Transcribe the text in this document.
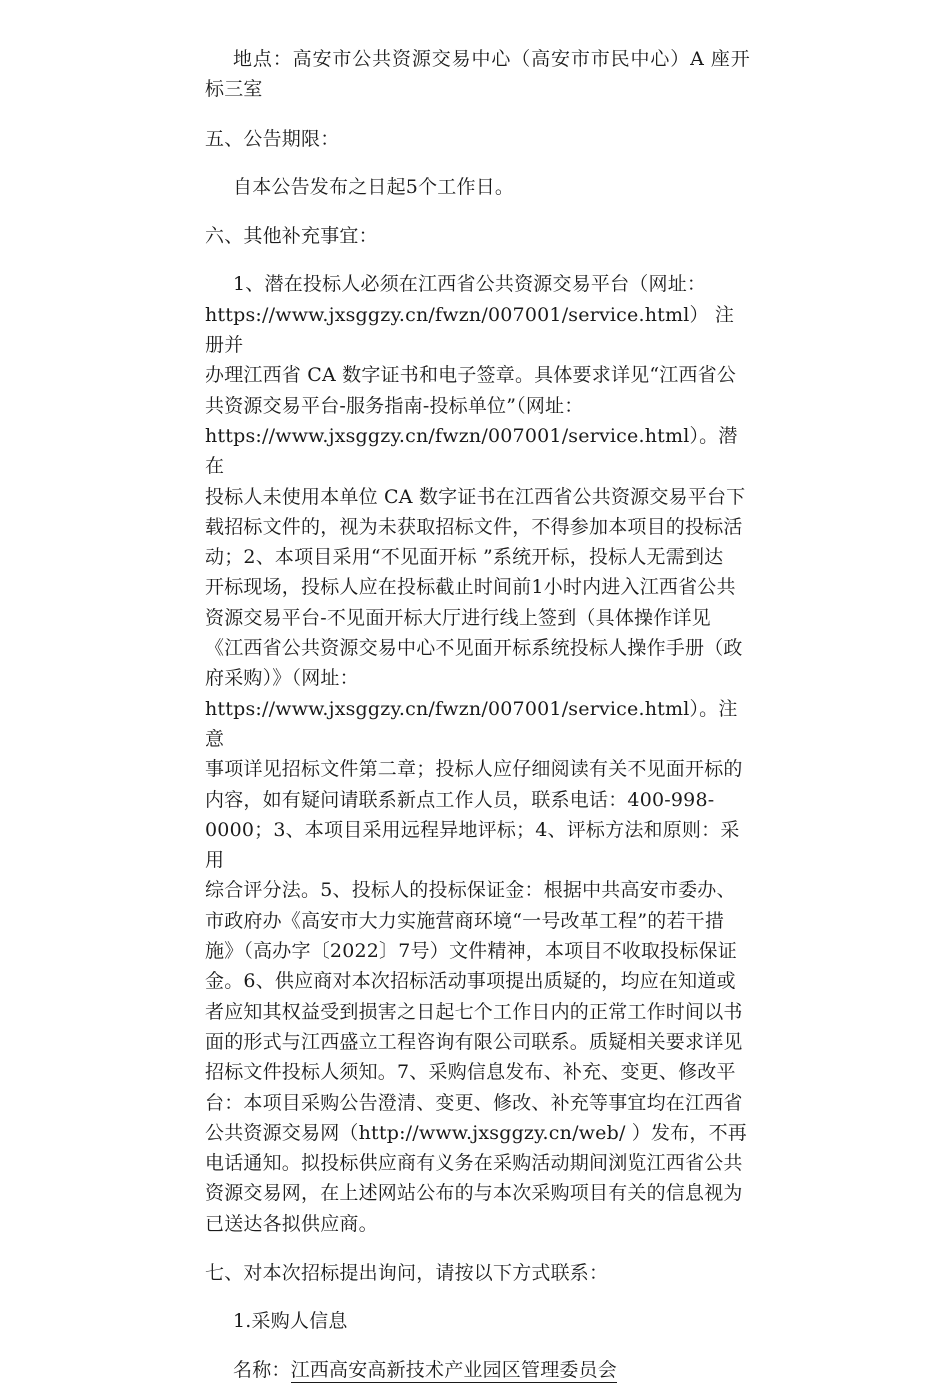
地点：高安市公共资源交易中心（高安市市民中心）A 座开标三室

五、公告期限：

自本公告发布之日起5个工作日。

六、其他补充事宜：

1、潜在投标人必须在江西省公共资源交易平台（网址：

https://www.jxsggzy.cn/fwzn/007001/service.html） 注册并

办理江西省 CA 数字证书和电子签章。具体要求详见“江西省公

共资源交易平台-服务指南-投标单位”（网址：

https://www.jxsggzy.cn/fwzn/007001/service.html）。潜在

投标人未使用本单位 CA 数字证书在江西省公共资源交易平台下

载招标文件的，视为未获取招标文件，不得参加本项目的投标活

动；2、本项目采用“不见面开标 ”系统开标，投标人无需到达

开标现场，投标人应在投标截止时间前1小时内进入江西省公共

资源交易平台-不见面开标大厅进行线上签到（具体操作详见

《江西省公共资源交易中心不见面开标系统投标人操作手册（政

府采购）》（网址：

https://www.jxsggzy.cn/fwzn/007001/service.html）。注意

事项详见招标文件第二章；投标人应仔细阅读有关不见面开标的

内容，如有疑问请联系新点工作人员，联系电话：400-998-

0000；3、本项目采用远程异地评标；4、评标方法和原则：采用

综合评分法。5、投标人的投标保证金：根据中共高安市委办、

市政府办《高安市大力实施营商环境“一号改革工程”的若干措

施》（高办字〔2022〕7号）文件精神，本项目不收取投标保证

金。6、供应商对本次招标活动事项提出质疑的，均应在知道或

者应知其权益受到损害之日起七个工作日内的正常工作时间以书

面的形式与江西盛立工程咨询有限公司联系。质疑相关要求详见

招标文件投标人须知。7、采购信息发布、补充、变更、修改平

台：本项目采购公告澄清、变更、修改、补充等事宜均在江西省

公共资源交易网（http://www.jxsggzy.cn/web/ ）发布，不再

电话通知。拟投标供应商有义务在采购活动期间浏览江西省公共

资源交易网，在上述网站公布的与本次采购项目有关的信息视为

已送达各拟供应商。

七、对本次招标提出询问，请按以下方式联系：

1.采购人信息

名称：江西高安高新技术产业园区管理委员会
